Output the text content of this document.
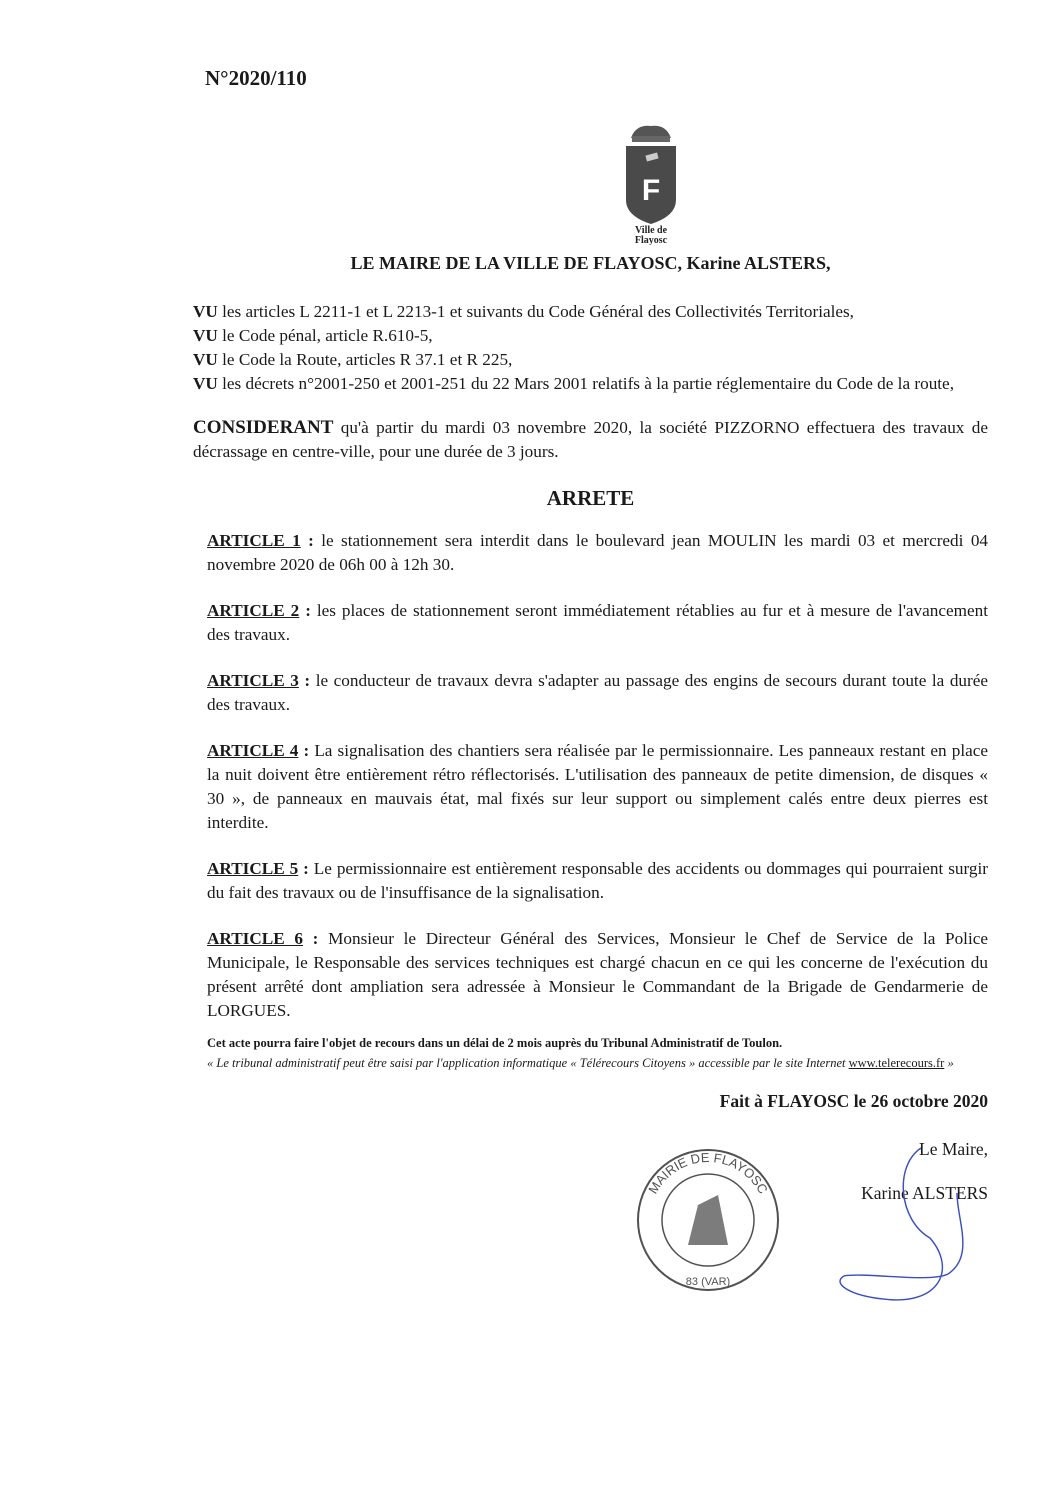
N°2020/110
F
Ville de
Flayosc
LE MAIRE DE LA VILLE DE FLAYOSC, Karine ALSTERS,
VU les articles L 2211-1 et L 2213-1 et suivants du Code Général des Collectivités Territoriales,
VU le Code pénal, article R.610-5,
VU le Code la Route, articles R 37.1 et R 225,
VU les décrets n°2001-250 et 2001-251 du 22 Mars 2001 relatifs à la partie réglementaire du Code de la route,
CONSIDERANT qu'à partir du mardi 03 novembre 2020, la société PIZZORNO effectuera des travaux de décrassage en centre-ville, pour une durée de 3 jours.
ARRETE
ARTICLE 1 : le stationnement sera interdit dans le boulevard jean MOULIN les mardi 03 et mercredi 04 novembre 2020 de 06h 00 à 12h 30.
ARTICLE 2 : les places de stationnement seront immédiatement rétablies au fur et à mesure de l'avancement des travaux.
ARTICLE 3 : le conducteur de travaux devra s'adapter au passage des engins de secours durant toute la durée des travaux.
ARTICLE 4 : La signalisation des chantiers sera réalisée par le permissionnaire. Les panneaux restant en place la nuit doivent être entièrement rétro réflectorisés. L'utilisation des panneaux de petite dimension, de disques « 30 », de panneaux en mauvais état, mal fixés sur leur support ou simplement calés entre deux pierres est interdite.
ARTICLE 5 : Le permissionnaire est entièrement responsable des accidents ou dommages qui pourraient surgir du fait des travaux ou de l'insuffisance de la signalisation.
ARTICLE 6 : Monsieur le Directeur Général des Services, Monsieur le Chef de Service de la Police Municipale, le Responsable des services techniques est chargé chacun en ce qui les concerne de l'exécution du présent arrêté dont ampliation sera adressée à Monsieur le Commandant de la Brigade de Gendarmerie de LORGUES.
Cet acte pourra faire l'objet de recours dans un délai de 2 mois auprès du Tribunal Administratif de Toulon.
« Le tribunal administratif peut être saisi par l'application informatique « Télérecours Citoyens » accessible par le site Internet www.telerecours.fr »
Fait à FLAYOSC le 26 octobre 2020
Le Maire,
Karine ALSTERS
MAIRIE DE FLAYOSC
83 (VAR)
